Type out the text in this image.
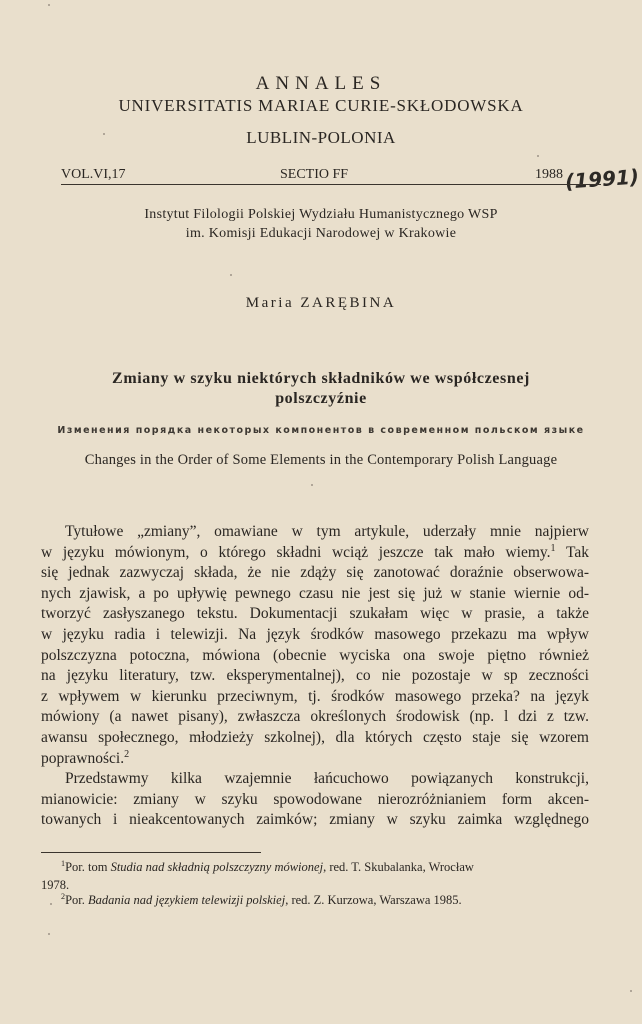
ANNALES
UNIVERSITATIS MARIAE CURIE-SKŁODOWSKA
LUBLIN-POLONIA
VOL.VI,17	SECTIO FF	1988 (1991)
Instytut Filologii Polskiej Wydziału Humanistycznego WSP
im. Komisji Edukacji Narodowej w Krakowie
Maria ZARĘBINA
Zmiany w szyku niektórych składników we współczesnej
polszczyźnie
Изменения порядка некоторых компонентов в современном польском языке
Changes in the Order of Some Elements in the Contemporary Polish Language
Tytułowe „zmiany”, omawiane w tym artykule, uderzały mnie najpierw
w języku mówionym, o którego składni wciąż jeszcze tak mało wiemy.$^1$ Tak
się jednak zazwyczaj składa, że nie zdąży się zanotować doraźnie obserwowa-
nych zjawisk, a po upływię pewnego czasu nie jest się już w stanie wiernie od-
tworzyć zasłyszanego tekstu. Dokumentacji szukałam więc w prasie, a także
w języku radia i telewizji. Na język środków masowego przekazu ma wpływ
polszczyzna potoczna, mówiona (obecnie wyciska ona swoje piętno również
na języku literatury, tzw. eksperymentalnej), co nie pozostaje w sp zeczności
z wpływem w kierunku przeciwnym, tj. środków masowego przeka? na język
mówiony (a nawet pisany), zwłaszcza określonych środowisk (np. l dzi z tzw.
awansu społecznego, młodzieży szkolnej), dla których często staje się wzorem
poprawności.$^2$
Przedstawmy kilka wzajemnie łańcuchowo powiązanych konstrukcji,
mianowicie: zmiany w szyku spowodowane nierozróżnianiem form akcen-
towanych i nieakcentowanych zaimków; zmiany w szyku zaimka względnego
$^1$Por. tom Studia nad składnią polszczyzny mówionej, red. T. Skubalanka, Wrocław
1978.
$^2$Por. Badania nad językiem telewizji polskiej, red. Z. Kurzowa, Warszawa 1985.
